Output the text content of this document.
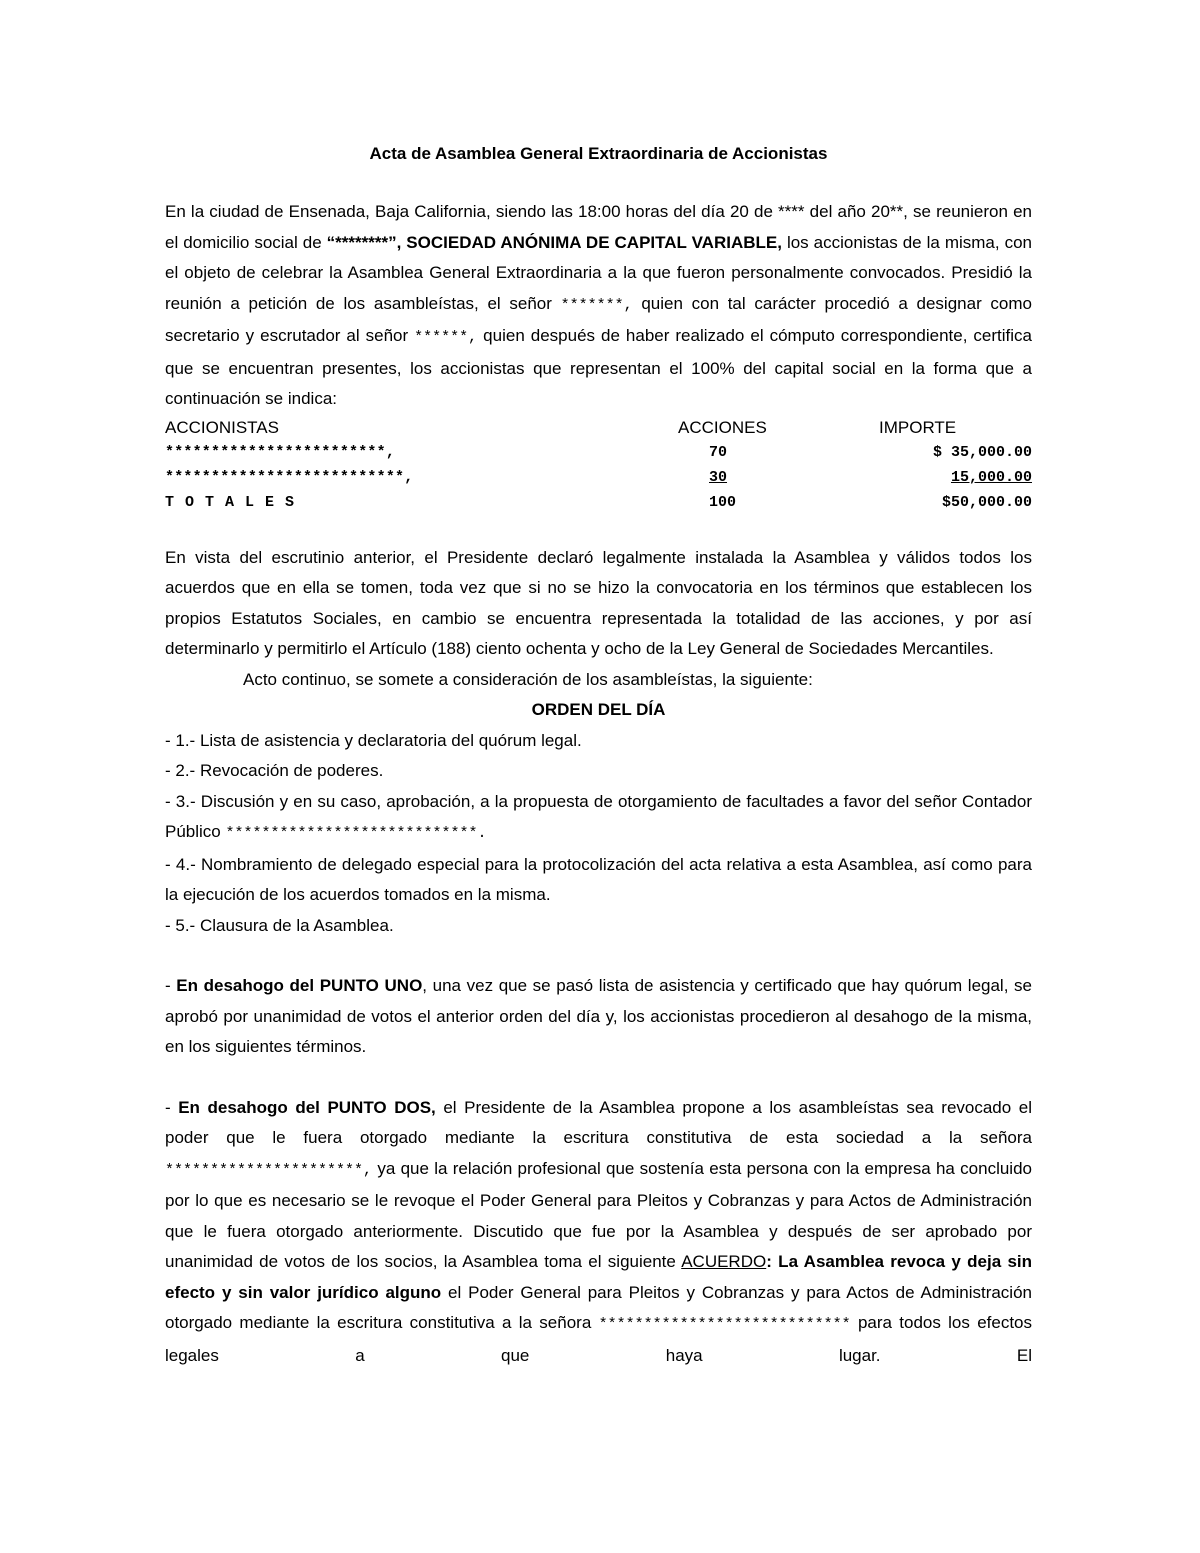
Acta de Asamblea General Extraordinaria de Accionistas

En la ciudad de Ensenada, Baja California, siendo las 18:00 horas del día 20 de **** del año 20**, se reunieron en el domicilio social de “********”, SOCIEDAD ANÓNIMA DE CAPITAL VARIABLE, los accionistas de la misma, con el objeto de celebrar la Asamblea General Extraordinaria a la que fueron personalmente convocados. Presidió la reunión a petición de los asambleístas, el señor *******, quien con tal carácter procedió a designar como secretario y escrutador al señor ******, quien después de haber realizado el cómputo correspondiente, certifica que se encuentran presentes, los accionistas que representan el 100% del capital social en la forma que a continuación se indica:

ACCIONISTAS	ACCIONES	IMPORTE
************************,	70	$ 35,000.00
**************************,	30	15,000.00
T O T A L E S	100	$50,000.00

En vista del escrutinio anterior, el Presidente declaró legalmente instalada la Asamblea y válidos todos los acuerdos que en ella se tomen, toda vez que si no se hizo la convocatoria en los términos que establecen los propios Estatutos Sociales, en cambio se encuentra representada la totalidad de las acciones, y por así determinarlo y permitirlo el Artículo (188) ciento ochenta y ocho de la Ley General de Sociedades Mercantiles.

Acto continuo, se somete a consideración de los asambleístas, la siguiente:

ORDEN DEL DÍA

- 1.- Lista de asistencia y declaratoria del quórum legal.

- 2.- Revocación de poderes.

- 3.- Discusión y en su caso, aprobación, a la propuesta de otorgamiento de facultades a favor del señor Contador Público ****************************.

- 4.- Nombramiento de delegado especial para la protocolización del acta relativa a esta Asamblea, así como para la ejecución de los acuerdos tomados en la misma.

- 5.- Clausura de la Asamblea.

- En desahogo del PUNTO UNO, una vez que se pasó lista de asistencia y certificado que hay quórum legal, se aprobó por unanimidad de votos el anterior orden del día y, los accionistas procedieron al desahogo de la misma, en los siguientes términos.

- En desahogo del PUNTO DOS, el Presidente de la Asamblea propone a los asambleístas sea revocado el poder que le fuera otorgado mediante la escritura constitutiva de esta sociedad a la señora **********************, ya que la relación profesional que sostenía esta persona con la empresa ha concluido por lo que es necesario se le revoque el Poder General para Pleitos y Cobranzas y para Actos de Administración que le fuera otorgado anteriormente. Discutido que fue por la Asamblea y después de ser aprobado por unanimidad de votos de los socios, la Asamblea toma el siguiente ACUERDO: La Asamblea revoca y deja sin efecto y sin valor jurídico alguno el Poder General para Pleitos y Cobranzas y para Actos de Administración otorgado mediante la escritura constitutiva a la señora **************************** para todos los efectos legales a que haya lugar. El
